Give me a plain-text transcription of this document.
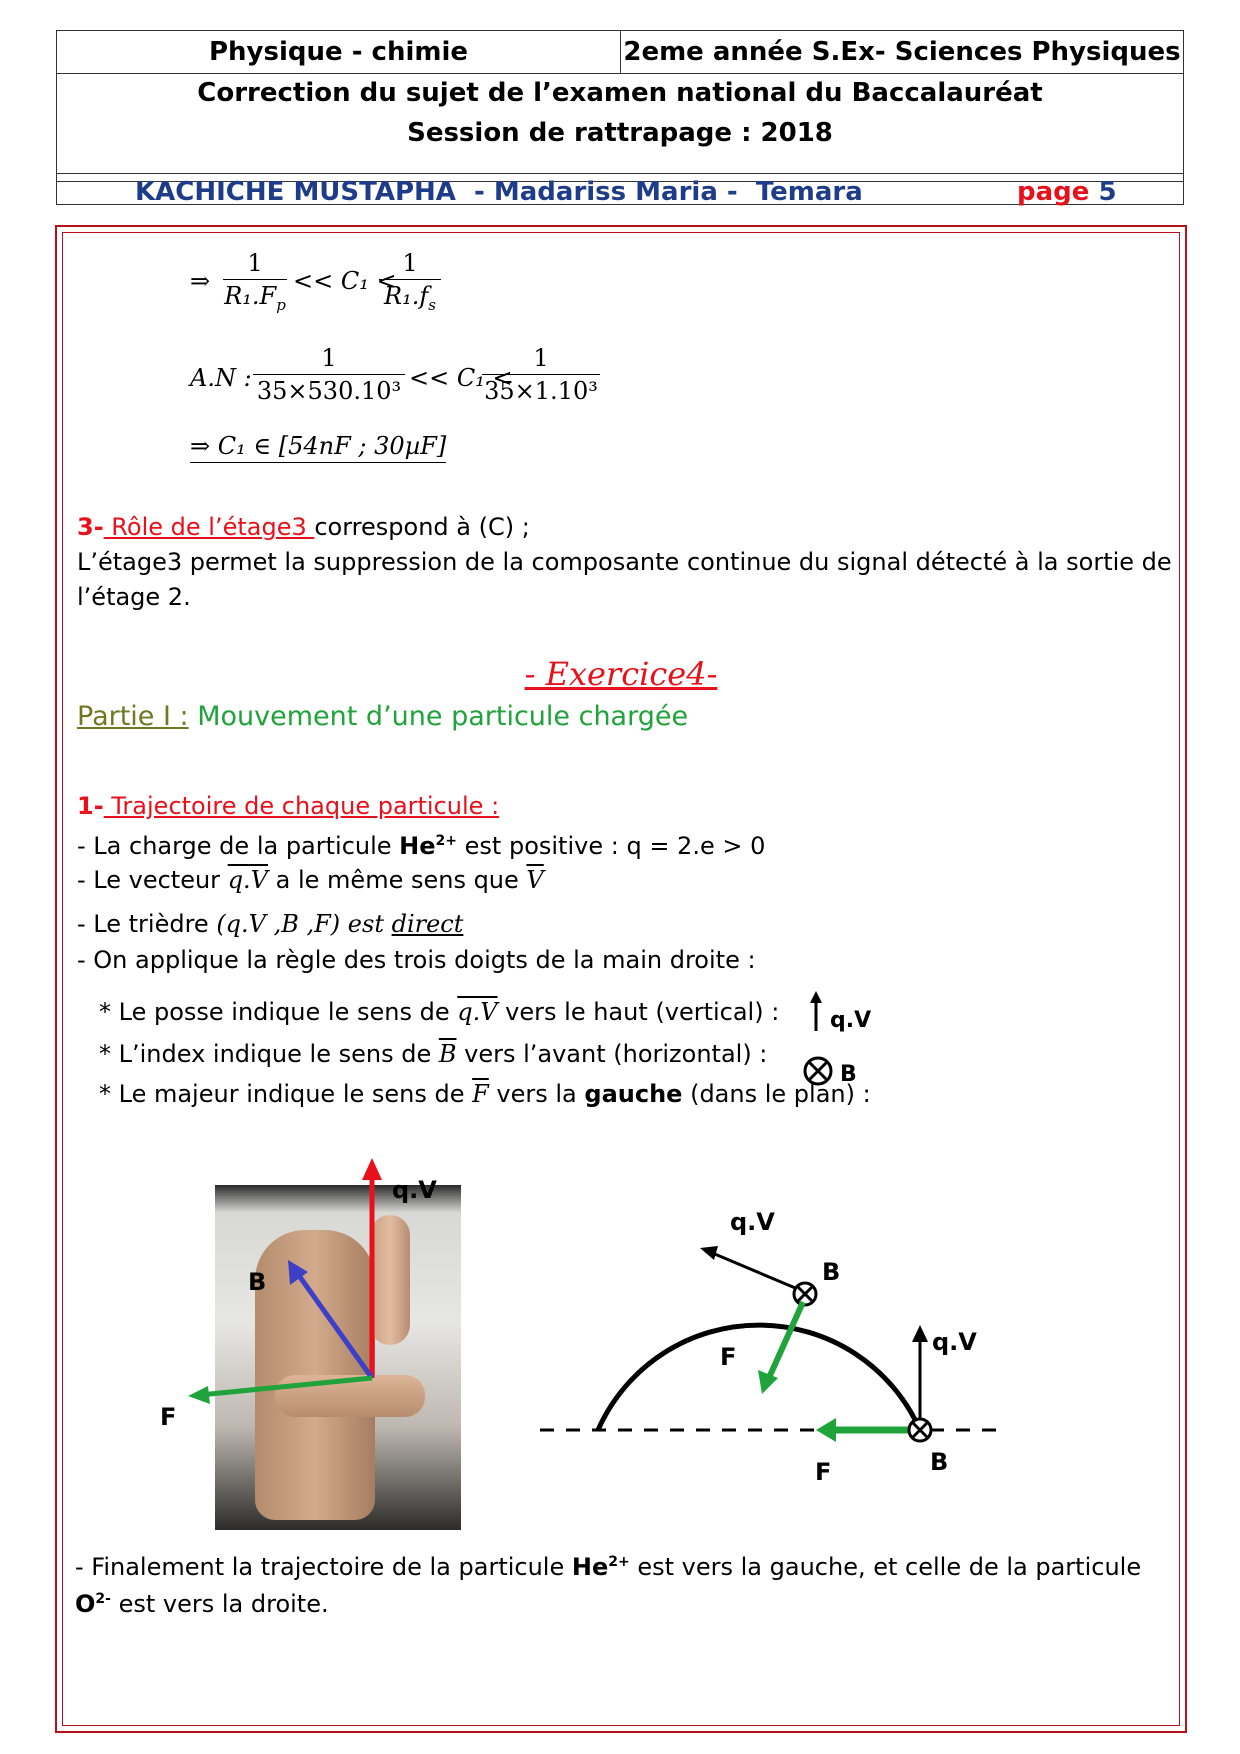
Physique - chimie	2eme année S.Ex- Sciences Physiques
Correction du sujet de l’examen national du Baccalauréat
Session de rattrapage : 2018
KACHICHE MUSTAPHA  - Madariss Maria -  Temara	page 5
⇒ $\frac{1}{R_1.F_p} << C_1$ <
$\frac{1}{R_1.f_s}$
A.N : $\frac{1}{\text{35×530.10³}} << C_1$ <
$\frac{1}{\text{35×1.10³}}$
⇒ C₁ ∈ [54nF ; 30µF]
3- Rôle de l’étage3 correspond à (C) ;
L’étage3 permet la suppression de la composante continue du signal détecté à la sortie de
l’étage 2.
- Exercice4-
Partie I : Mouvement d’une particule chargée
1- Trajectoire de chaque particule :
- La charge de la particule $He^{2+}$ est positive : q = 2.e > 0
- Le vecteur q.V a le même sens que $\overline{V}$
- Le trièdre (q.V ,B ,F) est direct
- On applique la règle des trois doigts de la main droite :
* Le posse indique le sens de q.V vers le haut (vertical) :
* L’index indique le sens de $\overline{B}$ vers l’avant (horizontal) :
* Le majeur indique le sens de $\overline{F}$ vers la gauche (dans le plan) :
q.V
B
q.V
B
F
q.V
B
F
q.V
F	B
- Finalement la trajectoire de la particule $He^{2+}$ est vers la gauche, et celle de la particule
$O^{2-}$ est vers la droite.
